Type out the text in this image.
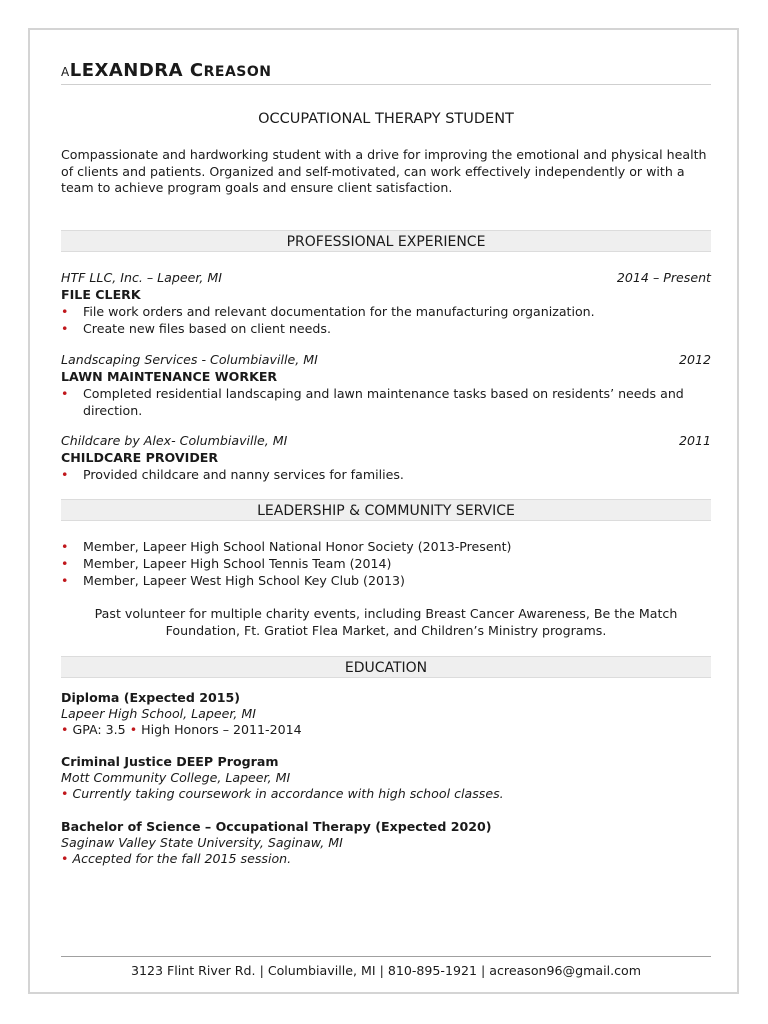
ALEXANDRA CREASON
OCCUPATIONAL THERAPY STUDENT
Compassionate and hardworking student with a drive for improving the emotional and physical health of clients and patients. Organized and self-motivated, can work effectively independently or with a team to achieve program goals and ensure client satisfaction.
PROFESSIONAL EXPERIENCE
HTF LLC, Inc. – Lapeer, MI	2014 – Present
FILE CLERK
• File work orders and relevant documentation for the manufacturing organization.
• Create new files based on client needs.
Landscaping Services - Columbiaville, MI	2012
LAWN MAINTENANCE WORKER
• Completed residential landscaping and lawn maintenance tasks based on residents’ needs and direction.
Childcare by Alex- Columbiaville, MI	2011
CHILDCARE PROVIDER
• Provided childcare and nanny services for families.
LEADERSHIP & COMMUNITY SERVICE
• Member, Lapeer High School National Honor Society (2013-Present)
• Member, Lapeer High School Tennis Team (2014)
• Member, Lapeer West High School Key Club (2013)
Past volunteer for multiple charity events, including Breast Cancer Awareness, Be the Match Foundation, Ft. Gratiot Flea Market, and Children’s Ministry programs.
EDUCATION
Diploma (Expected 2015)
Lapeer High School, Lapeer, MI
• GPA: 3.5 • High Honors – 2011-2014
Criminal Justice DEEP Program
Mott Community College, Lapeer, MI
• Currently taking coursework in accordance with high school classes.
Bachelor of Science – Occupational Therapy (Expected 2020)
Saginaw Valley State University, Saginaw, MI
• Accepted for the fall 2015 session.
3123 Flint River Rd. | Columbiaville, MI | 810-895-1921 | acreason96@gmail.com
